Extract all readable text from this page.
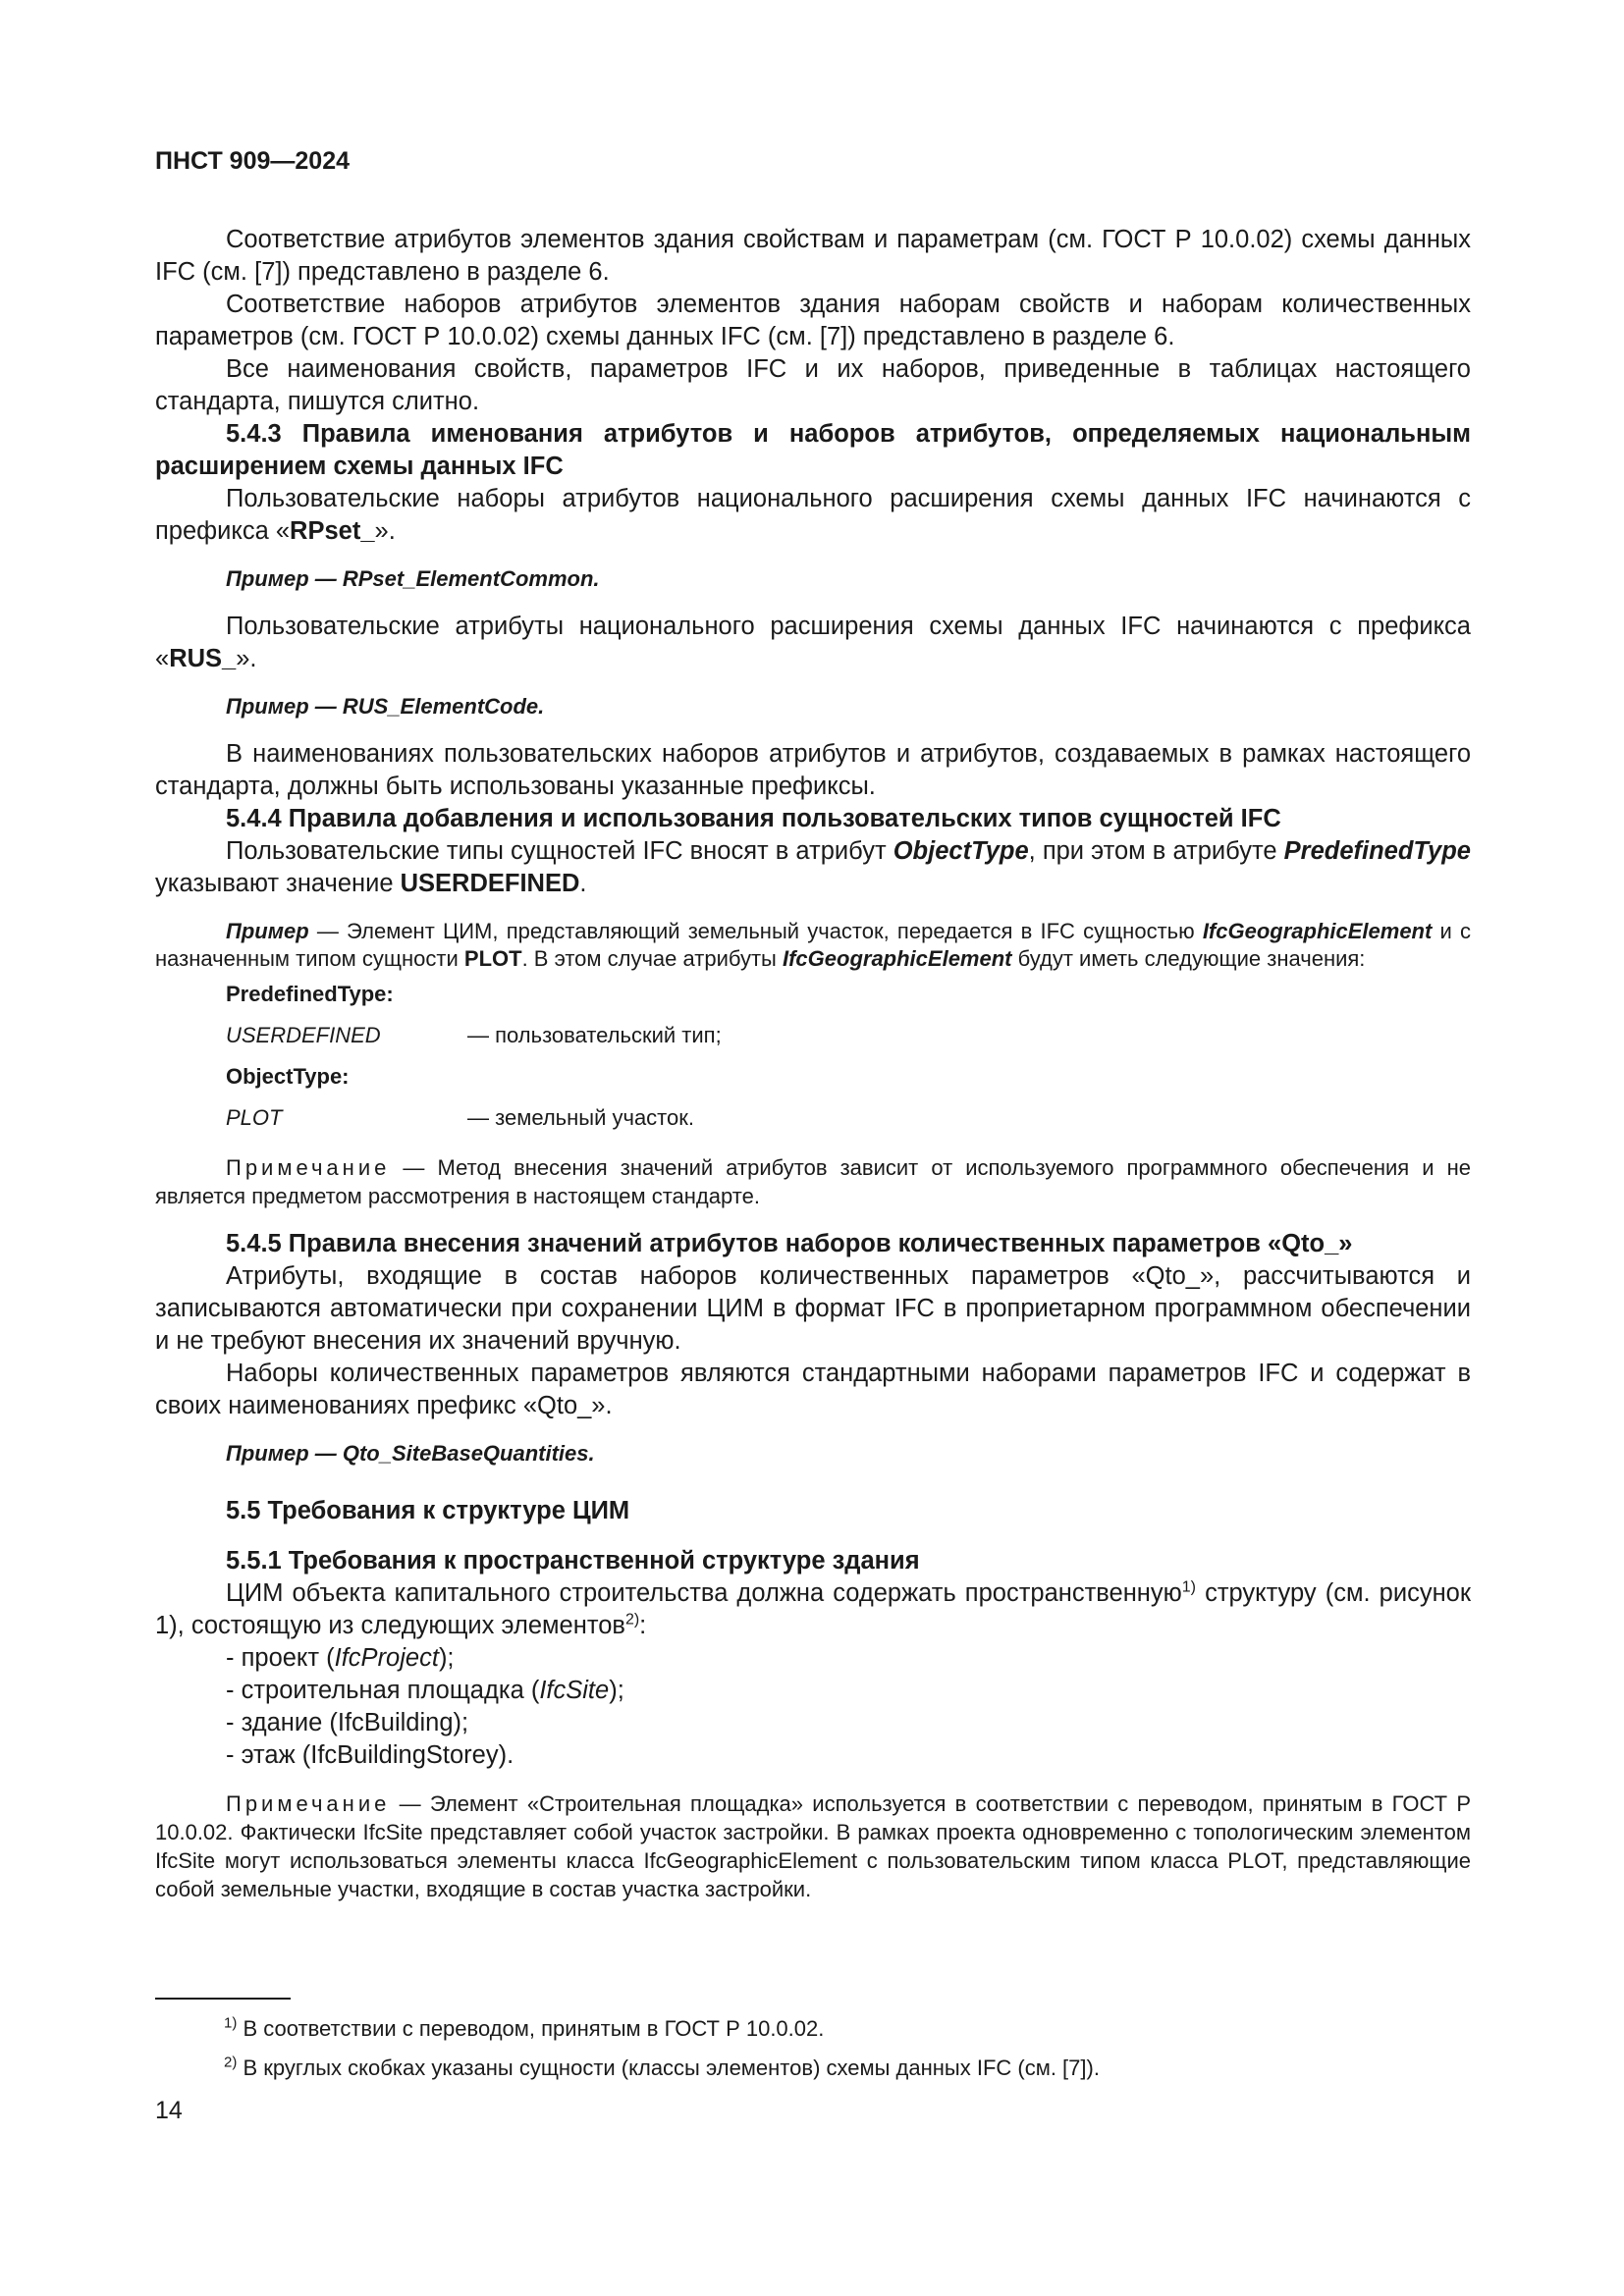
ПНСТ 909—2024

Соответствие атрибутов элементов здания свойствам и параметрам (см. ГОСТ Р 10.0.02) схемы данных IFC (см. [7]) представлено в разделе 6.

Соответствие наборов атрибутов элементов здания наборам свойств и наборам количественных параметров (см. ГОСТ Р 10.0.02) схемы данных IFC (см. [7]) представлено в разделе 6.

Все наименования свойств, параметров IFC и их наборов, приведенные в таблицах настоящего стандарта, пишутся слитно.

5.4.3 Правила именования атрибутов и наборов атрибутов, определяемых национальным расширением схемы данных IFC

Пользовательские наборы атрибутов национального расширения схемы данных IFC начинаются с префикса «RPset_».

Пример — RPset_ElementCommon.

Пользовательские атрибуты национального расширения схемы данных IFC начинаются с префикса «RUS_».

Пример — RUS_ElementCode.

В наименованиях пользовательских наборов атрибутов и атрибутов, создаваемых в рамках настоящего стандарта, должны быть использованы указанные префиксы.

5.4.4 Правила добавления и использования пользовательских типов сущностей IFC

Пользовательские типы сущностей IFC вносят в атрибут ObjectType, при этом в атрибуте PredefinedType указывают значение USERDEFINED.

Пример — Элемент ЦИМ, представляющий земельный участок, передается в IFC сущностью IfcGeographicElement и с назначенным типом сущности PLOT. В этом случае атрибуты IfcGeographicElement будут иметь следующие значения:

PredefinedType:	
USERDEFINED	— пользовательский тип;
ObjectType:	
PLOT	— земельный участок.

Примечание — Метод внесения значений атрибутов зависит от используемого программного обеспечения и не является предметом рассмотрения в настоящем стандарте.

5.4.5 Правила внесения значений атрибутов наборов количественных параметров «Qto_»

Атрибуты, входящие в состав наборов количественных параметров «Qto_», рассчитываются и записываются автоматически при сохранении ЦИМ в формат IFC в проприетарном программном обеспечении и не требуют внесения их значений вручную.

Наборы количественных параметров являются стандартными наборами параметров IFC и содержат в своих наименованиях префикс «Qto_».

Пример — Qto_SiteBaseQuantities.

5.5 Требования к структуре ЦИМ

5.5.1 Требования к пространственной структуре здания

ЦИМ объекта капитального строительства должна содержать пространственную$^{1)}$ структуру (см. рисунок 1), состоящую из следующих элементов$^{2)}$:

- проект (IfcProject);
- строительная площадка (IfcSite);
- здание (IfcBuilding);
- этаж (IfcBuildingStorey).

Примечание — Элемент «Строительная площадка» используется в соответствии с переводом, принятым в ГОСТ Р 10.0.02. Фактически IfcSite представляет собой участок застройки. В рамках проекта одновременно с топологическим элементом IfcSite могут использоваться элементы класса IfcGeographicElement с пользовательским типом класса PLOT, представляющие собой земельные участки, входящие в состав участка застройки.

$^{1)}$ В соответствии с переводом, принятым в ГОСТ Р 10.0.02.
$^{2)}$ В круглых скобках указаны сущности (классы элементов) схемы данных IFC (см. [7]).
14
